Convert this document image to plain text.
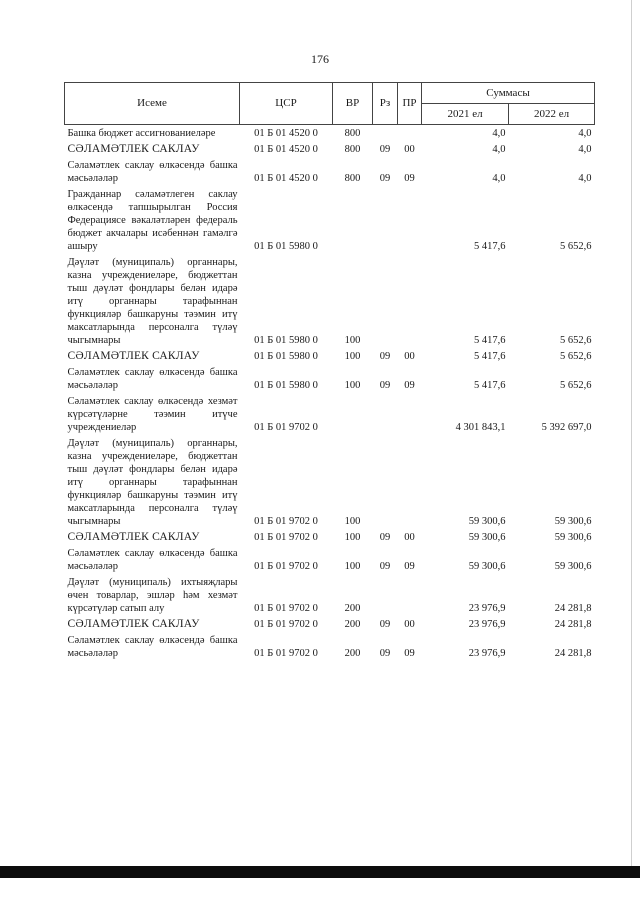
176
Исеме	ЦСР	ВР	Рз	ПР	Суммасы	
					2021 ел	2022 ел
Башка бюджет ассигнованиеләре	01 Б 01 4520 0	800			4,0	4,0
СӘЛАМӘТЛЕК САКЛАУ	01 Б 01 4520 0	800	09	00	4,0	4,0
Сәламәтлек саклау өлкәсендә башка мәсьәләләр	01 Б 01 4520 0	800	09	09	4,0	4,0
Гражданнар сәламәтлеген саклау өлкәсендә тапшырылган Россия Федерациясе вәкаләтләрен федераль бюджет акчалары исәбеннән гамәлгә ашыру	01 Б 01 5980 0				5 417,6	5 652,6
Дәүләт (муниципаль) органнары, казна учреждениеләре, бюджеттан тыш дәүләт фондлары белән идарә итү органнары тарафыннан функцияләр башкаруны тәэмин итү максатларында персоналга түләү чыгымнары	01 Б 01 5980 0	100			5 417,6	5 652,6
СӘЛАМӘТЛЕК САКЛАУ	01 Б 01 5980 0	100	09	00	5 417,6	5 652,6
Сәламәтлек саклау өлкәсендә башка мәсьәләләр	01 Б 01 5980 0	100	09	09	5 417,6	5 652,6
Сәламәтлек саклау өлкәсендә хезмәт күрсәтүләрне тәэмин итүче учреждениеләр	01 Б 01 9702 0				4 301 843,1	5 392 697,0
Дәүләт (муниципаль) органнары, казна учреждениеләре, бюджеттан тыш дәүләт фондлары белән идарә итү органнары тарафыннан функцияләр башкаруны тәэмин итү максатларында персоналга түләү чыгымнары	01 Б 01 9702 0	100			59 300,6	59 300,6
СӘЛАМӘТЛЕК САКЛАУ	01 Б 01 9702 0	100	09	00	59 300,6	59 300,6
Сәламәтлек саклау өлкәсендә башка мәсьәләләр	01 Б 01 9702 0	100	09	09	59 300,6	59 300,6
Дәүләт (муниципаль) ихтыяҗлары өчен товарлар, эшләр һәм хезмәт күрсәтүләр сатып алу	01 Б 01 9702 0	200			23 976,9	24 281,8
СӘЛАМӘТЛЕК САКЛАУ	01 Б 01 9702 0	200	09	00	23 976,9	24 281,8
Сәламәтлек саклау өлкәсендә башка мәсьәләләр	01 Б 01 9702 0	200	09	09	23 976,9	24 281,8
